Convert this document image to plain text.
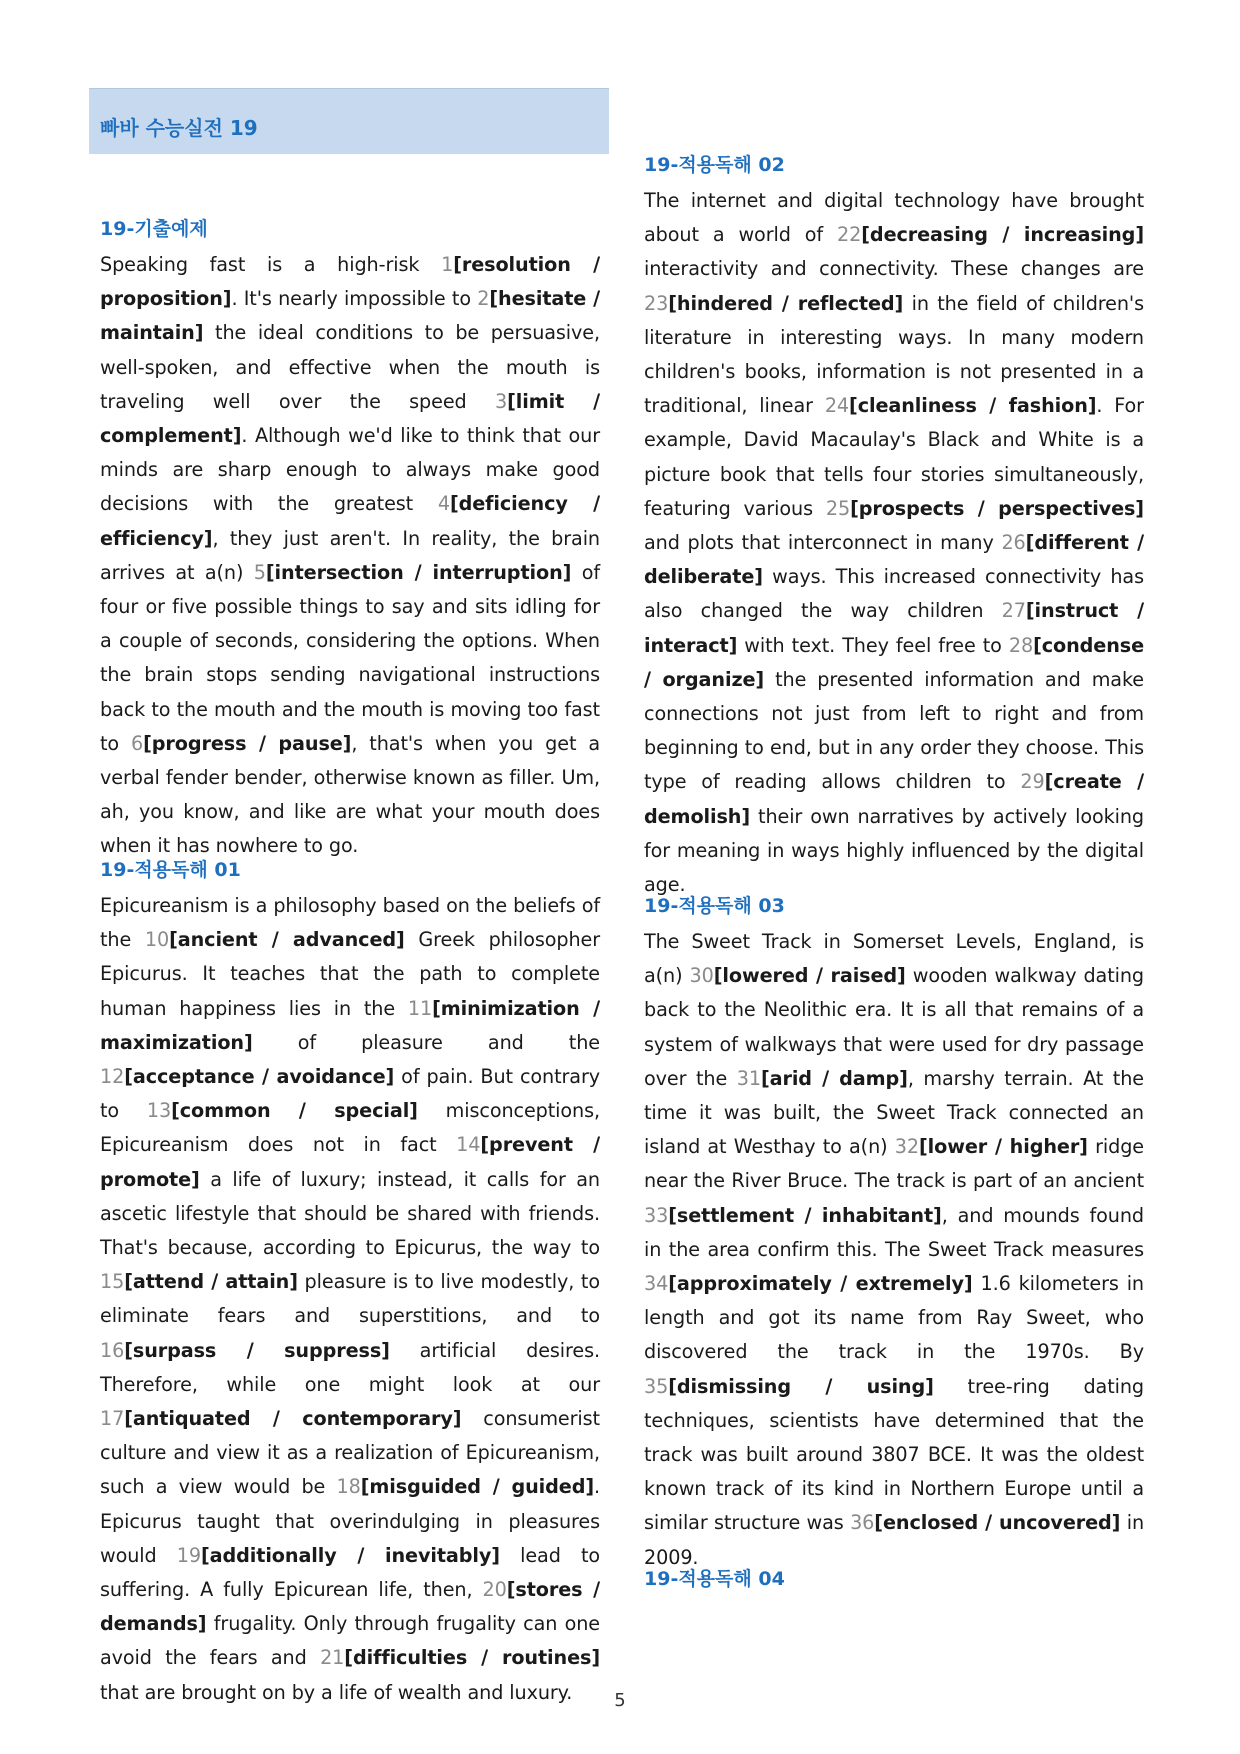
빠바 수능실전 19
19-기출예제
Speaking fast is a high-risk 1[resolution / proposition]. It's nearly impossible to 2[hesitate / maintain] the ideal conditions to be persuasive, well-spoken, and effective when the mouth is traveling well over the speed 3[limit / complement]. Although we'd like to think that our minds are sharp enough to always make good decisions with the greatest 4[deficiency / efficiency], they just aren't. In reality, the brain arrives at a(n) 5[intersection / interruption] of four or five possible things to say and sits idling for a couple of seconds, considering the options. When the brain stops sending navigational instructions back to the mouth and the mouth is moving too fast to 6[progress / pause], that's when you get a verbal fender bender, otherwise known as filler. Um, ah, you know, and like are what your mouth does when it has nowhere to go.
19-적용독해 01
Epicureanism is a philosophy based on the beliefs of the 10[ancient / advanced] Greek philosopher Epicurus. It teaches that the path to complete human happiness lies in the 11[minimization / maximization] of pleasure and the 12[acceptance / avoidance] of pain. But contrary to 13[common / special] misconceptions, Epicureanism does not in fact 14[prevent / promote] a life of luxury; instead, it calls for an ascetic lifestyle that should be shared with friends. That's because, according to Epicurus, the way to 15[attend / attain] pleasure is to live modestly, to eliminate fears and superstitions, and to 16[surpass / suppress] artificial desires. Therefore, while one might look at our 17[antiquated / contemporary] consumerist culture and view it as a realization of Epicureanism, such a view would be 18[misguided / guided]. Epicurus taught that overindulging in pleasures would 19[additionally / inevitably] lead to suffering. A fully Epicurean life, then, 20[stores / demands] frugality. Only through frugality can one avoid the fears and 21[difficulties / routines] that are brought on by a life of wealth and luxury.
19-적용독해 02
The internet and digital technology have brought about a world of 22[decreasing / increasing] interactivity and connectivity. These changes are 23[hindered / reflected] in the field of children's literature in interesting ways. In many modern children's books, information is not presented in a traditional, linear 24[cleanliness / fashion]. For example, David Macaulay's Black and White is a picture book that tells four stories simultaneously, featuring various 25[prospects / perspectives] and plots that interconnect in many 26[different / deliberate] ways. This increased connectivity has also changed the way children 27[instruct / interact] with text. They feel free to 28[condense / organize] the presented information and make connections not just from left to right and from beginning to end, but in any order they choose. This type of reading allows children to 29[create / demolish] their own narratives by actively looking for meaning in ways highly influenced by the digital age.
19-적용독해 03
The Sweet Track in Somerset Levels, England, is a(n) 30[lowered / raised] wooden walkway dating back to the Neolithic era. It is all that remains of a system of walkways that were used for dry passage over the 31[arid / damp], marshy terrain. At the time it was built, the Sweet Track connected an island at Westhay to a(n) 32[lower / higher] ridge near the River Bruce. The track is part of an ancient 33[settlement / inhabitant], and mounds found in the area confirm this. The Sweet Track measures 34[approximately / extremely] 1.6 kilometers in length and got its name from Ray Sweet, who discovered the track in the 1970s. By 35[dismissing / using] tree-ring dating techniques, scientists have determined that the track was built around 3807 BCE. It was the oldest known track of its kind in Northern Europe until a similar structure was 36[enclosed / uncovered] in 2009.
19-적용독해 04
5
